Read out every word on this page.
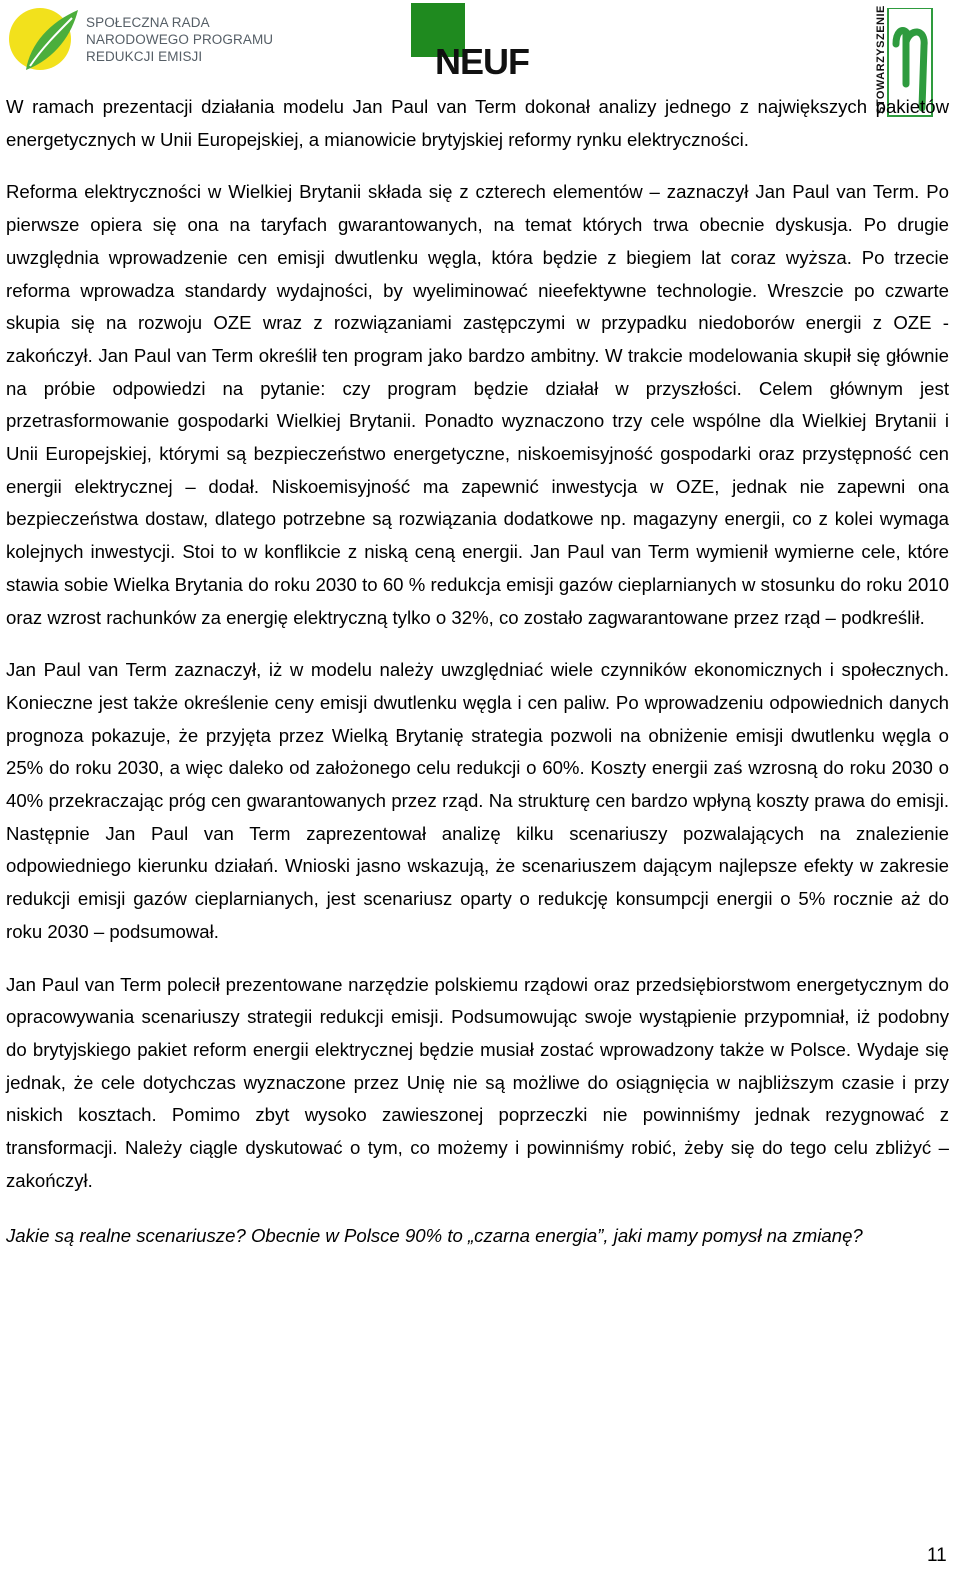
SPOŁECZNA RADA
NARODOWEGO PROGRAMU
REDUKCJI EMISJI	NEUF	STOWARZYSZENIE

W ramach prezentacji działania modelu Jan Paul van Term dokonał analizy jednego z największych pakietów energetycznych w Unii Europejskiej, a mianowicie brytyjskiej reformy rynku elektryczności.

Reforma elektryczności w Wielkiej Brytanii składa się z czterech elementów – zaznaczył Jan Paul van Term. Po pierwsze opiera się ona na taryfach gwarantowanych, na temat których trwa obecnie dyskusja. Po drugie uwzględnia wprowadzenie cen emisji dwutlenku węgla, która będzie z biegiem lat coraz wyższa. Po trzecie reforma wprowadza standardy wydajności, by wyeliminować nieefektywne technologie. Wreszcie po czwarte skupia się na rozwoju OZE wraz z rozwiązaniami zastępczymi w przypadku niedoborów energii z OZE - zakończył. Jan Paul van Term określił ten program jako bardzo ambitny. W trakcie modelowania skupił się głównie na próbie odpowiedzi na pytanie: czy program będzie działał w przyszłości. Celem głównym jest przetrasformowanie gospodarki Wielkiej Brytanii. Ponadto wyznaczono trzy cele wspólne dla Wielkiej Brytanii i Unii Europejskiej, którymi są bezpieczeństwo energetyczne, niskoemisyjność gospodarki oraz przystępność cen energii elektrycznej – dodał. Niskoemisyjność ma zapewnić inwestycja w OZE, jednak nie zapewni ona bezpieczeństwa dostaw, dlatego potrzebne są rozwiązania dodatkowe np. magazyny energii, co z kolei wymaga kolejnych inwestycji. Stoi to w konflikcie z niską ceną energii. Jan Paul van Term wymienił wymierne cele, które stawia sobie Wielka Brytania do roku 2030 to 60 % redukcja emisji gazów cieplarnianych w stosunku do roku 2010 oraz wzrost rachunków za energię elektryczną tylko o 32%, co zostało zagwarantowane przez rząd – podkreślił.

Jan Paul van Term zaznaczył, iż w modelu należy uwzględniać wiele czynników ekonomicznych i społecznych. Konieczne jest także określenie ceny emisji dwutlenku węgla i cen paliw. Po wprowadzeniu odpowiednich danych prognoza pokazuje, że przyjęta przez Wielką Brytanię strategia pozwoli na obniżenie emisji dwutlenku węgla o 25% do roku 2030, a więc daleko od założonego celu redukcji o 60%. Koszty energii zaś wzrosną do roku 2030 o 40% przekraczając próg cen gwarantowanych przez rząd. Na strukturę cen bardzo wpłyną koszty prawa do emisji. Następnie Jan Paul van Term zaprezentował analizę kilku scenariuszy pozwalających na znalezienie odpowiedniego kierunku działań. Wnioski jasno wskazują, że scenariuszem dającym najlepsze efekty w zakresie redukcji emisji gazów cieplarnianych, jest scenariusz oparty o redukcję konsumpcji energii o 5% rocznie aż do roku 2030 – podsumował.

Jan Paul van Term polecił prezentowane narzędzie polskiemu rządowi oraz przedsiębiorstwom energetycznym do opracowywania scenariuszy strategii redukcji emisji. Podsumowując swoje wystąpienie przypomniał, iż podobny do brytyjskiego pakiet reform energii elektrycznej będzie musiał zostać wprowadzony także w Polsce. Wydaje się jednak, że cele dotychczas wyznaczone przez Unię nie są możliwe do osiągnięcia w najbliższym czasie i przy niskich kosztach. Pomimo zbyt wysoko zawieszonej poprzeczki nie powinniśmy jednak rezygnować z transformacji. Należy ciągle dyskutować o tym, co możemy i powinniśmy robić, żeby się do tego celu zbliżyć – zakończył.

Jakie są realne scenariusze? Obecnie w Polsce 90% to „czarna energia”, jaki mamy pomysł na zmianę?

11
